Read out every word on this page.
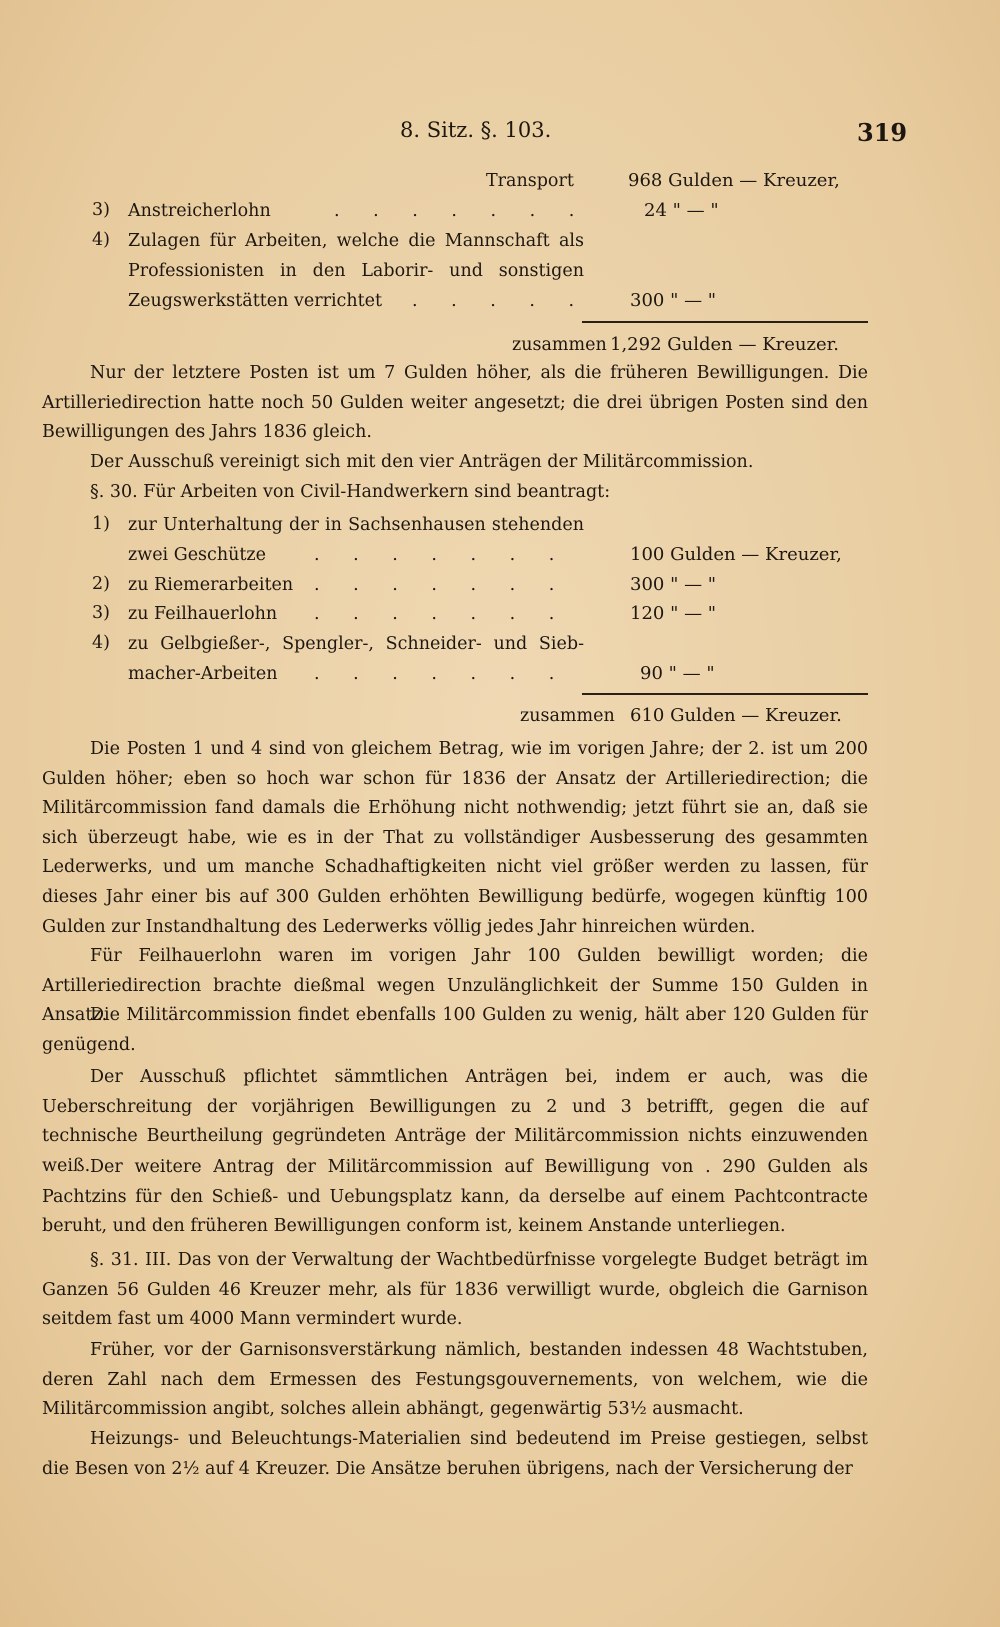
8. Sitz. §. 103.	319
Transport	968 Gulden — Kreuzer,
3) Anstreicherlohn	. . . . . . .	24 " — "
4) Zulagen für Arbeiten, welche die Mannschaft als
Professionisten in den Laborir- und sonstigen
Zeugswerkstätten verrichtet . . . . . 300 " — "
zusammen 1,292 Gulden — Kreuzer.
Nur der letztere Posten ist um 7 Gulden höher, als die früheren Bewilligungen. Die Artilleriedirection hatte noch 50 Gulden weiter angesetzt; die drei übrigen Posten sind den Bewilligungen des Jahrs 1836 gleich.
Der Ausschuß vereinigt sich mit den vier Anträgen der Militärcommission.
§. 30. Für Arbeiten von Civil-Handwerkern sind beantragt:
1) zur Unterhaltung der in Sachsenhausen stehenden
zwei Geschütze	. . . . . . .	100 Gulden — Kreuzer,
2) zu Riemerarbeiten . . . . . . .	300 " — "
3) zu Feilhauerlohn . . . . . . .	120 " — "
4) zu Gelbgießer-, Spengler-, Schneider- und Sieb-
macher-Arbeiten . . . . . . .	90 " — "
zusammen 610 Gulden — Kreuzer.
Die Posten 1 und 4 sind von gleichem Betrag, wie im vorigen Jahre; der 2. ist um 200 Gulden höher; eben so hoch war schon für 1836 der Ansatz der Artilleriedirection; die Militärcommission fand damals die Erhöhung nicht nothwendig; jetzt führt sie an, daß sie sich überzeugt habe, wie es in der That zu vollständiger Ausbesserung des gesammten Lederwerks, und um manche Schadhaftigkeiten nicht viel größer werden zu lassen, für dieses Jahr einer bis auf 300 Gulden erhöhten Bewilligung bedürfe, wogegen künftig 100 Gulden zur Instandhaltung des Lederwerks völlig jedes Jahr hinreichen würden.
Für Feilhauerlohn waren im vorigen Jahr 100 Gulden bewilligt worden; die Artilleriedirection brachte dießmal wegen Unzulänglichkeit der Summe 150 Gulden in Ansatz.
Die Militärcommission findet ebenfalls 100 Gulden zu wenig, hält aber 120 Gulden für genügend.
Der Ausschuß pflichtet sämmtlichen Anträgen bei, indem er auch, was die Ueberschreitung der vorjährigen Bewilligungen zu 2 und 3 betrifft, gegen die auf technische Beurtheilung gegründeten Anträge der Militärcommission nichts einzuwenden weiß. Der weitere Antrag der Militärcommission auf Bewilligung von . 290 Gulden als Pachtzins für den Schieß- und Uebungsplatz kann, da derselbe auf einem Pachtcontracte beruht, und den früheren Bewilligungen conform ist, keinem Anstande unterliegen.
§. 31. III. Das von der Verwaltung der Wachtbedürfnisse vorgelegte Budget beträgt im Ganzen 56 Gulden 46 Kreuzer mehr, als für 1836 verwilligt wurde, obgleich die Garnison seitdem fast um 4000 Mann vermindert wurde.
Früher, vor der Garnisonsverstärkung nämlich, bestanden indessen 48 Wachtstuben, deren Zahl nach dem Ermessen des Festungsgouvernements, von welchem, wie die Militärcommission angibt, solches allein abhängt, gegenwärtig 53½ ausmacht.
Heizungs- und Beleuchtungs-Materialien sind bedeutend im Preise gestiegen, selbst die Besen von 2½ auf 4 Kreuzer. Die Ansätze beruhen übrigens, nach der Versicherung der
